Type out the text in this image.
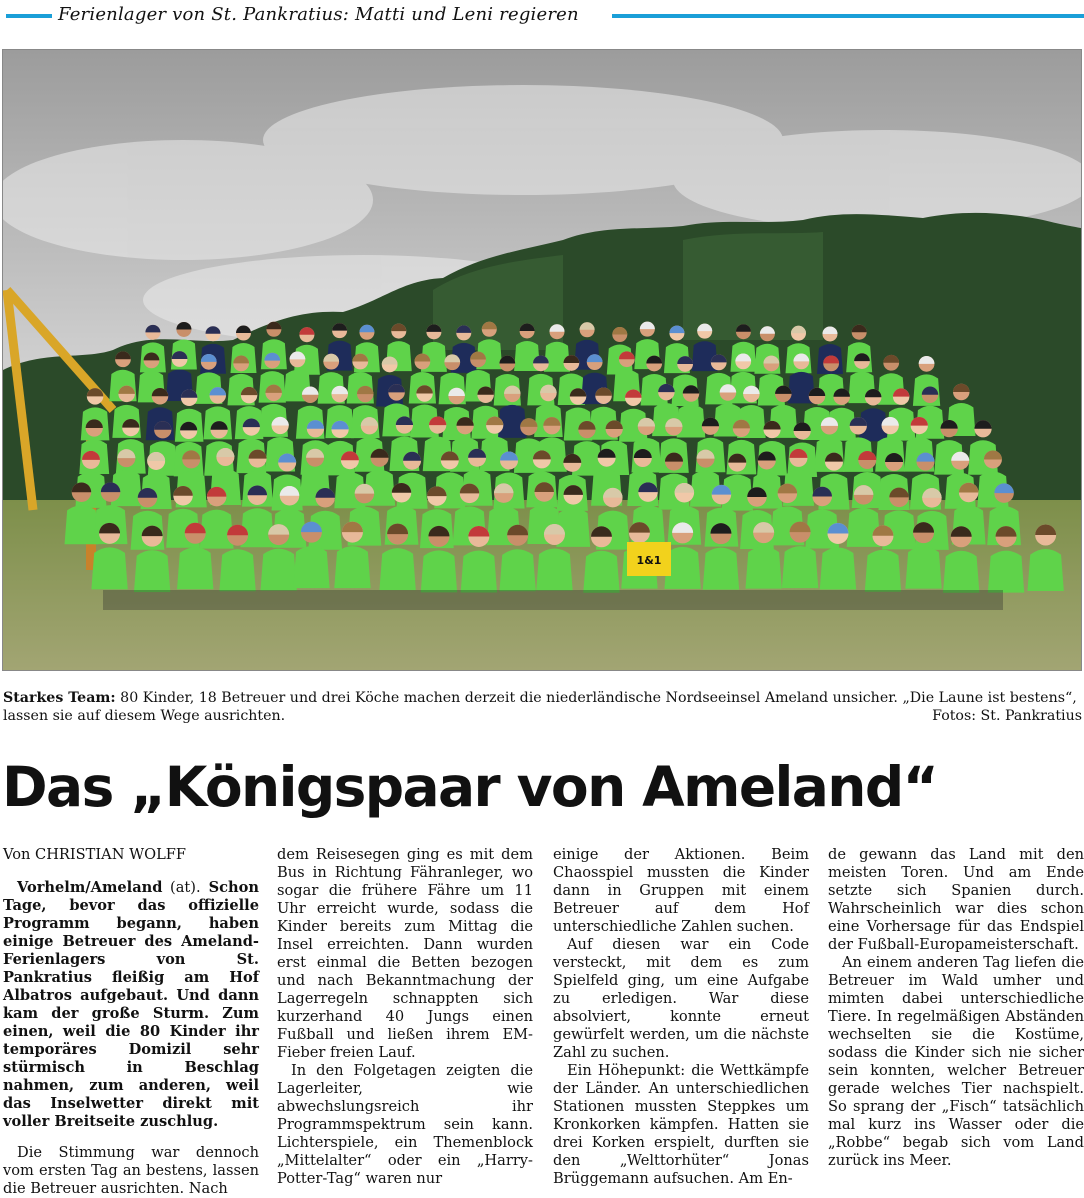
Ferienlager von St. Pankratius: Matti und Leni regieren
1&1
Starkes Team: 80 Kinder, 18 Betreuer und drei Köche machen derzeit die niederländische Nordseeinsel Ameland unsicher. „Die Laune ist bestens“, lassen sie auf diesem Wege ausrichten.	Fotos: St. Pankratius
Das „Königspaar von Ameland“

Von CHRISTIAN WOLFF

Vorhelm/Ameland (at). Schon Tage, bevor das offizielle Programm begann, haben einige Betreuer des Ameland-Ferienlagers von St. Pankratius fleißig am Hof Albatros aufgebaut. Und dann kam der große Sturm. Zum einen, weil die 80 Kinder ihr temporäres Domizil sehr stürmisch in Beschlag nahmen, zum anderen, weil das Inselwetter direkt mit voller Breitseite zuschlug.

Die Stimmung war dennoch vom ersten Tag an bestens, lassen die Betreuer ausrichten. Nach

dem Reisesegen ging es mit dem Bus in Richtung Fähranleger, wo sogar die frühere Fähre um 11 Uhr erreicht wurde, sodass die Kinder bereits zum Mittag die Insel erreichten. Dann wurden erst einmal die Betten bezogen und nach Bekanntmachung der Lagerregeln schnappten sich kurzerhand 40 Jungs einen Fußball und ließen ihrem EM-Fieber freien Lauf.

In den Folgetagen zeigten die Lagerleiter, wie abwechslungsreich ihr Programmspektrum sein kann. Lichterspiele, ein Themenblock „Mittelalter“ oder ein „Harry-Potter-Tag“ waren nur

einige der Aktionen. Beim Chaosspiel mussten die Kinder dann in Gruppen mit einem Betreuer auf dem Hof unterschiedliche Zahlen suchen.

Auf diesen war ein Code versteckt, mit dem es zum Spielfeld ging, um eine Aufgabe zu erledigen. War diese absolviert, konnte erneut gewürfelt werden, um die nächste Zahl zu suchen.

Ein Höhepunkt: die Wettkämpfe der Länder. An unterschiedlichen Stationen mussten Steppkes um Kronkorken kämpfen. Hatten sie drei Korken erspielt, durften sie den „Welttorhüter“ Jonas Brüggemann aufsuchen. Am En-

de gewann das Land mit den meisten Toren. Und am Ende setzte sich Spanien durch. Wahrscheinlich war dies schon eine Vorhersage für das Endspiel der Fußball-Europameisterschaft.

An einem anderen Tag liefen die Betreuer im Wald umher und mimten dabei unterschiedliche Tiere. In regelmäßigen Abständen wechselten sie die Kostüme, sodass die Kinder sich nie sicher sein konnten, welcher Betreuer gerade welches Tier nachspielt. So sprang der „Fisch“ tatsächlich mal kurz ins Wasser oder die „Robbe“ begab sich vom Land zurück ins Meer.
